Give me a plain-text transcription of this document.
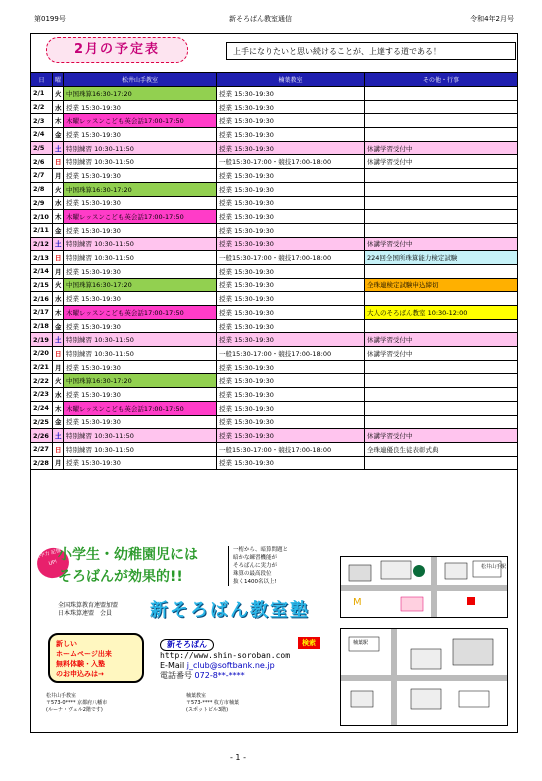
第0199号	新そろばん教室通信	令和4年2月号
2月の予定表	上手になりたいと思い続けることが、上達する道である！
日	曜	松井山手教室	楠葉教室	その他・行事
2/1	火	中国珠算16:30-17:20	授業 15:30-19:30	
2/2	水	授業 15:30-19:30	授業 15:30-19:30	
2/3	木	木曜レッスンこども英会話17:00-17:50	授業 15:30-19:30	
2/4	金	授業 15:30-19:30	授業 15:30-19:30	
2/5	土	特別練習 10:30-11:50	授業 15:30-19:30	休講学習受付中
2/6	日	特別練習 10:30-11:50	一般15:30-17:00・競技17:00-18:00	休講学習受付中
2/7	月	授業 15:30-19:30	授業 15:30-19:30	
2/8	火	中国珠算16:30-17:20	授業 15:30-19:30	
2/9	水	授業 15:30-19:30	授業 15:30-19:30	
2/10	木	木曜レッスンこども英会話17:00-17:50	授業 15:30-19:30	
2/11	金	授業 15:30-19:30	授業 15:30-19:30	
2/12	土	特別練習 10:30-11:50	授業 15:30-19:30	休講学習受付中
2/13	日	特別練習 10:30-11:50	一般15:30-17:00・競技17:00-18:00	224回全国所珠算能力検定試験
2/14	月	授業 15:30-19:30	授業 15:30-19:30	
2/15	火	中国珠算16:30-17:20	授業 15:30-19:30	全珠連検定試験申込締切
2/16	水	授業 15:30-19:30	授業 15:30-19:30	
2/17	木	木曜レッスンこども英会話17:00-17:50	授業 15:30-19:30	大人のそろばん教室 10:30-12:00
2/18	金	授業 15:30-19:30	授業 15:30-19:30	
2/19	土	特別練習 10:30-11:50	授業 15:30-19:30	休講学習受付中
2/20	日	特別練習 10:30-11:50	一般15:30-17:00・競技17:00-18:00	休講学習受付中
2/21	月	授業 15:30-19:30	授業 15:30-19:30	
2/22	火	中国珠算16:30-17:20	授業 15:30-19:30	
2/23	水	授業 15:30-19:30	授業 15:30-19:30	
2/24	木	木曜レッスンこども英会話17:00-17:50	授業 15:30-19:30	
2/25	金	授業 15:30-19:30	授業 15:30-19:30	
2/26	土	特別練習 10:30-11:50	授業 15:30-19:30	休講学習受付中
2/27	日	特別練習 10:30-11:50	一般15:30-17:00・競技17:00-18:00	全珠連優良生徒表彰式典
2/28	月	授業 15:30-19:30	授業 15:30-19:30	
集中力 記憶力 UP! 小学生・幼稚園児には
そろばんが効果的!!
一桁から、暗算問題と
暗かな練習機能が
そろばんに実力が
珠算の最高段位
抜く1400名以上!
M
松井山手駅
新そろばん教室塾
全国珠算教育連盟加盟
日本珠算連盟　会員
新しい
ホームページ出来
無料体験・入塾
のお申込みは→
新そろばん
http://www.shin-soroban.com
E-Mail j_club@softbank.ne.jp
電話番号 072-8**-****
検索	楠葉駅
松井山手教室
〒573-0**** 京都府八幡市
(ルーナ・ヴェル2階です)
楠葉教室
〒573-**** 枚方市楠葉
(スポットビル3階)
- 1 -
